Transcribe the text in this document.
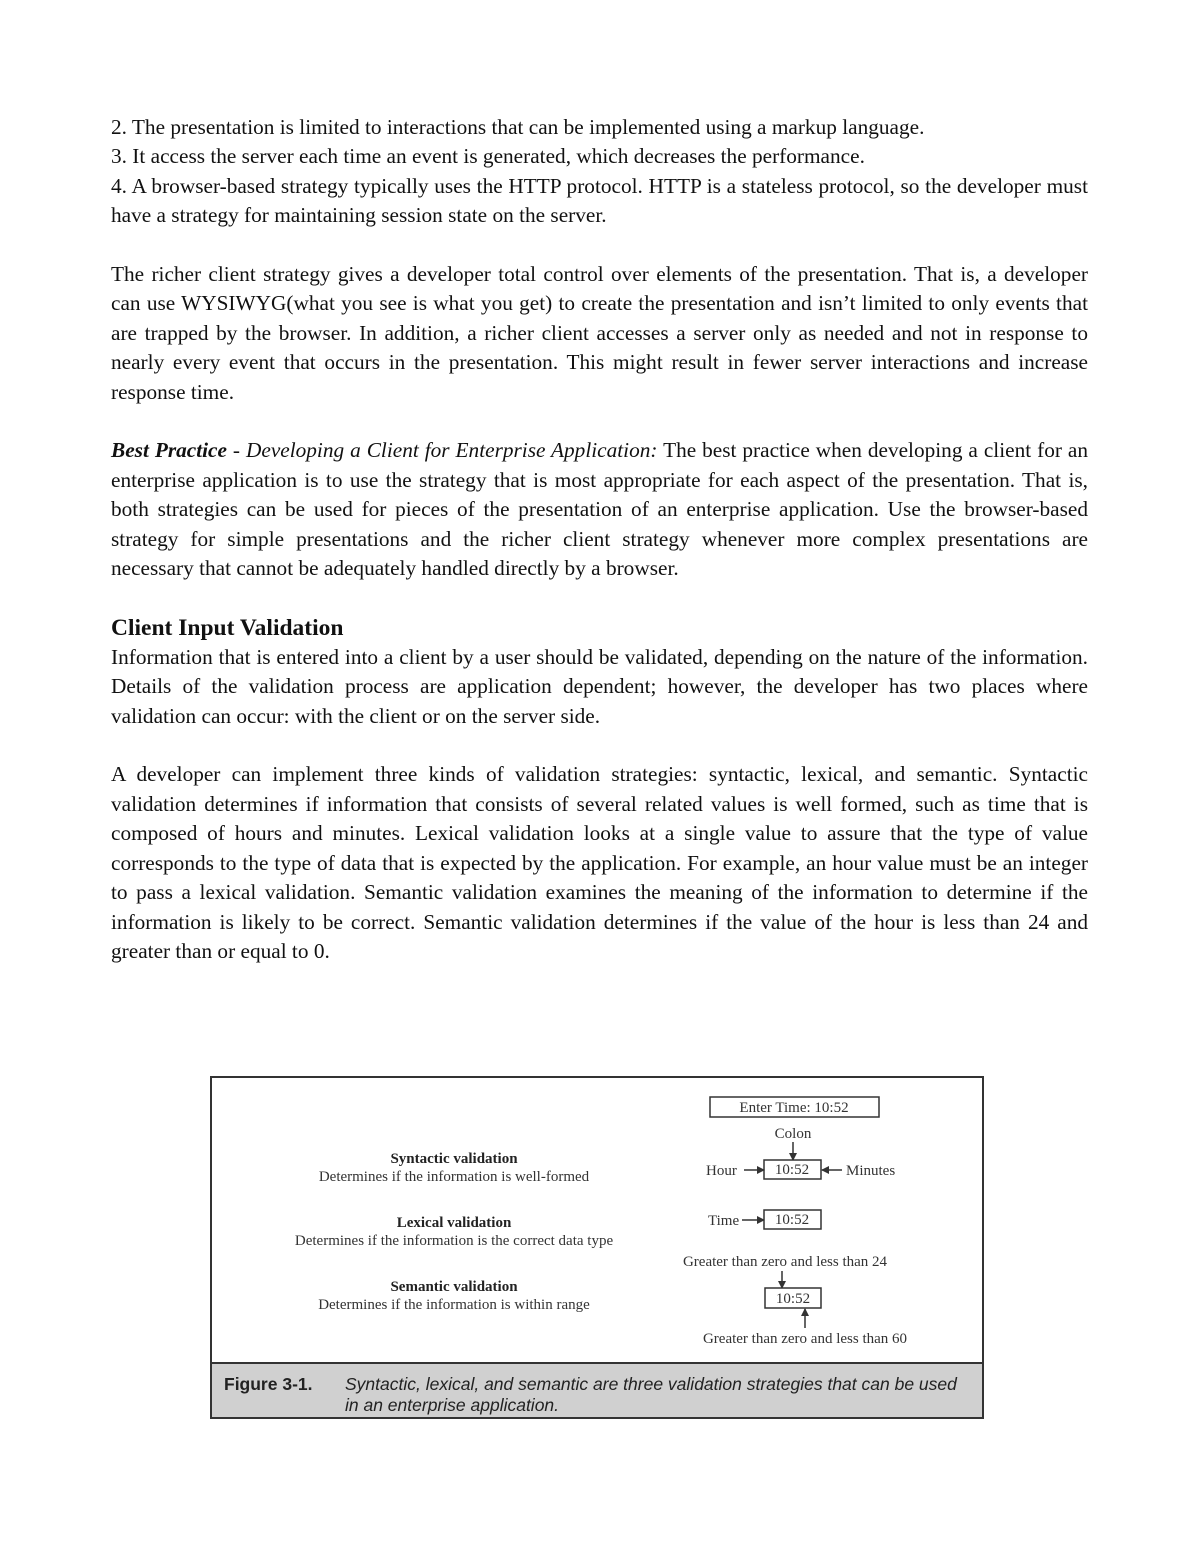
2. The presentation is limited to interactions that can be implemented using a markup language.
3. It access the server each time an event is generated, which decreases the performance.
4. A browser-based strategy typically uses the HTTP protocol. HTTP is a stateless protocol, so the developer must have a strategy for maintaining session state on the server.

The richer client strategy gives a developer total control over elements of the presentation. That is, a developer can use WYSIWYG(what you see is what you get) to create the presentation and isn’t limited to only events that are trapped by the browser. In addition, a richer client accesses a server only as needed and not in response to nearly every event that occurs in the presentation. This might result in fewer server interactions and increase response time.

Best Practice - Developing a Client for Enterprise Application: The best practice when developing a client for an enterprise application is to use the strategy that is most appropriate for each aspect of the presentation. That is, both strategies can be used for pieces of the presentation of an enterprise application. Use the browser-based strategy for simple presentations and the richer client strategy whenever more complex presentations are necessary that cannot be adequately handled directly by a browser.

Client Input Validation

Information that is entered into a client by a user should be validated, depending on the nature of the information. Details of the validation process are application dependent; however, the developer has two places where validation can occur: with the client or on the server side.

A developer can implement three kinds of validation strategies: syntactic, lexical, and semantic. Syntactic validation determines if information that consists of several related values is well formed, such as time that is composed of hours and minutes. Lexical validation looks at a single value to assure that the type of value corresponds to the type of data that is expected by the application. For example, an hour value must be an integer to pass a lexical validation. Semantic validation examines the meaning of the information to determine if the information is likely to be correct. Semantic validation determines if the value of the hour is less than 24 and greater than or equal to 0.

Syntactic validation
Determines if the information is well-formed
Lexical validation
Determines if the information is the correct data type
Semantic validation
Determines if the information is within range
Enter Time: 10:52
Colon
10:52
Hour	Minutes
Time 10:52
Greater than zero and less than 24
10:52
Greater than zero and less than 60
Figure 3-1. Syntactic, lexical, and semantic are three validation strategies that can be used in an enterprise application.
